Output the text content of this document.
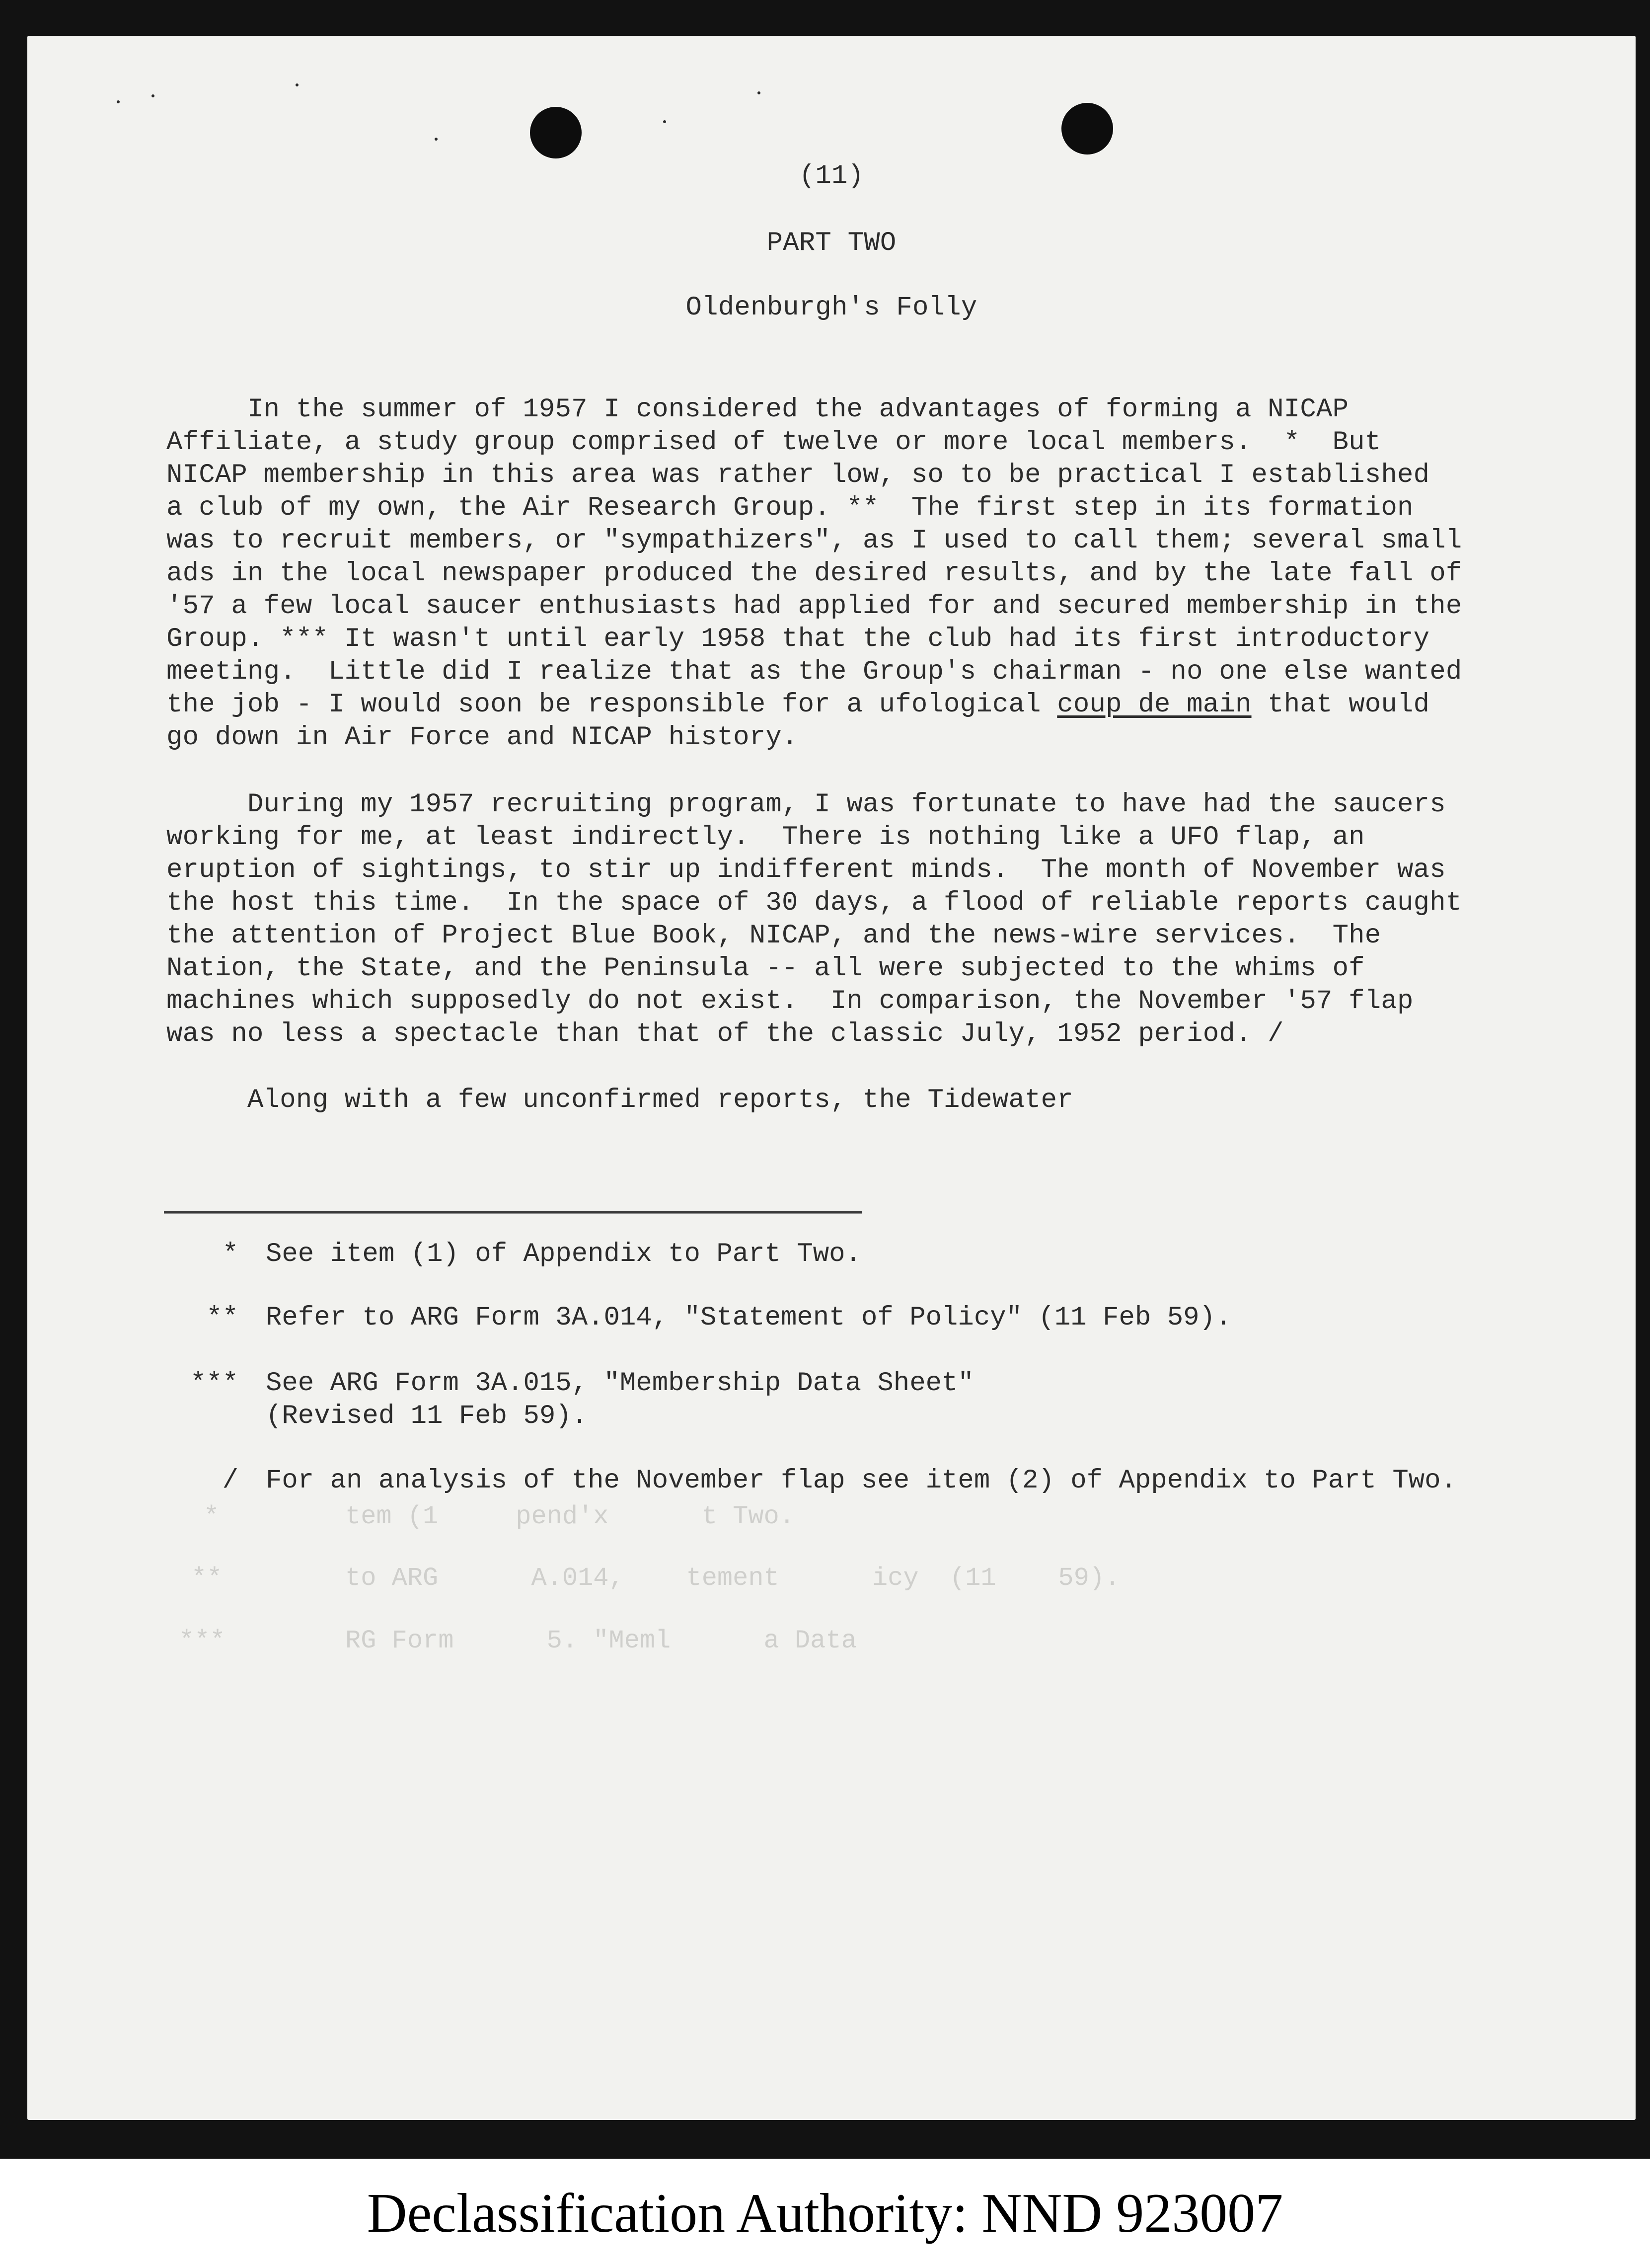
(11)
PART TWO
Oldenburgh's Folly
In the summer of 1957 I considered the advantages of forming a NICAP
Affiliate, a study group comprised of twelve or more local members.  *  But
NICAP membership in this area was rather low, so to be practical I established
a club of my own, the Air Research Group. **  The first step in its formation
was to recruit members, or "sympathizers", as I used to call them; several small
ads in the local newspaper produced the desired results, and by the late fall of
'57 a few local saucer enthusiasts had applied for and secured membership in the
Group. *** It wasn't until early 1958 that the club had its first introductory
meeting.  Little did I realize that as the Group's chairman - no one else wanted
the job - I would soon be responsible for a ufological coup de main that would
go down in Air Force and NICAP history.
During my 1957 recruiting program, I was fortunate to have had the saucers
working for me, at least indirectly.  There is nothing like a UFO flap, an
eruption of sightings, to stir up indifferent minds.  The month of November was
the host this time.  In the space of 30 days, a flood of reliable reports caught
the attention of Project Blue Book, NICAP, and the news-wire services.  The
Nation, the State, and the Peninsula -- all were subjected to the whims of
machines which supposedly do not exist.  In comparison, the November '57 flap
was no less a spectacle than that of the classic July, 1952 period. /
Along with a few unconfirmed reports, the Tidewater
* See item (1) of Appendix to Part Two.
** Refer to ARG Form 3A.014, "Statement of Policy" (11 Feb 59).
*** See ARG Form 3A.015, "Membership Data Sheet"
(Revised 11 Feb 59).
/ For an analysis of the November flap see item (2) of Appendix to Part Two.
*	tem (1     pend'x      t Two.
**	to ARG      A.014,    tement      icy  (11    59).
***	RG Form      5. "Meml      a Data
Declassification Authority: NND 923007
